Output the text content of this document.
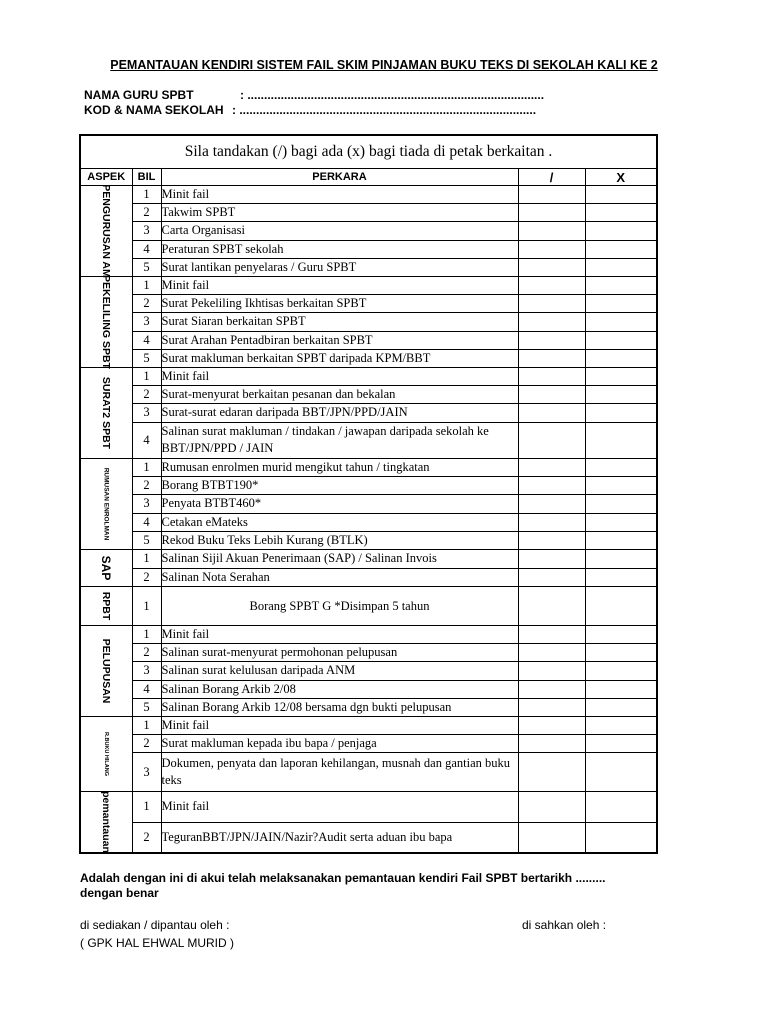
PEMANTAUAN KENDIRI SISTEM FAIL SKIM PINJAMAN BUKU TEKS DI SEKOLAH KALI KE 2
NAMA GURU SPBT	: .........................................................................................
KOD & NAMA SEKOLAH : .........................................................................................
Sila tandakan (/) bagi ada (x) bagi tiada di petak berkaitan .				
ASPEK	BIL	PERKARA	/	X

PENGURUSAN AM	1	Minit fail		
	2	Takwim SPBT		
	3	Carta Organisasi		
	4	Peraturan SPBT sekolah		
	5	Surat lantikan penyelaras / Guru SPBT		

PEKELILING SPBT	1	Minit fail		
	2	Surat Pekeliling Ikhtisas berkaitan SPBT		
	3	Surat Siaran berkaitan SPBT		
	4	Surat Arahan Pentadbiran berkaitan SPBT		
	5	Surat makluman berkaitan SPBT daripada KPM/BBT		

SURAT2 SPBT	1	Minit fail		
	2	Surat-menyurat berkaitan pesanan dan bekalan		
	3	Surat-surat edaran daripada BBT/JPN/PPD/JAIN		
	4	Salinan surat makluman / tindakan / jawapan daripada sekolah ke BBT/JPN/PPD / JAIN		

RUMUSAN ENROLMAN	1	Rumusan enrolmen murid mengikut tahun / tingkatan		
	2	Borang BTBT190*		
	3	Penyata BTBT460*		
	4	Cetakan eMateks		
	5	Rekod Buku Teks Lebih Kurang (BTLK)		

SAP	1	Salinan Sijil Akuan Penerimaan (SAP) / Salinan Invois		
	2	Salinan Nota Serahan		

RPBT	1	Borang SPBT G *Disimpan 5 tahun		

PELUPUSAN	1	Minit fail		
	2	Salinan surat-menyurat permohonan pelupusan		
	3	Salinan surat kelulusan daripada ANM		
	4	Salinan Borang Arkib 2/08		
	5	Salinan Borang Arkib 12/08 bersama dgn bukti pelupusan		

R.BUKU HILANG	1	Minit fail		
	2	Surat makluman kepada ibu bapa / penjaga		
	3	Dokumen, penyata dan laporan kehilangan, musnah dan gantian buku teks		

pemantauan	1	Minit fail		
	2	TeguranBBT/JPN/JAIN/Nazir?Audit serta aduan ibu bapa		
Adalah dengan ini di akui telah melaksanakan pemantauan kendiri Fail SPBT bertarikh .........
dengan benar
di sediakan / dipantau oleh :	di sahkan oleh :
( GPK HAL EHWAL MURID )
